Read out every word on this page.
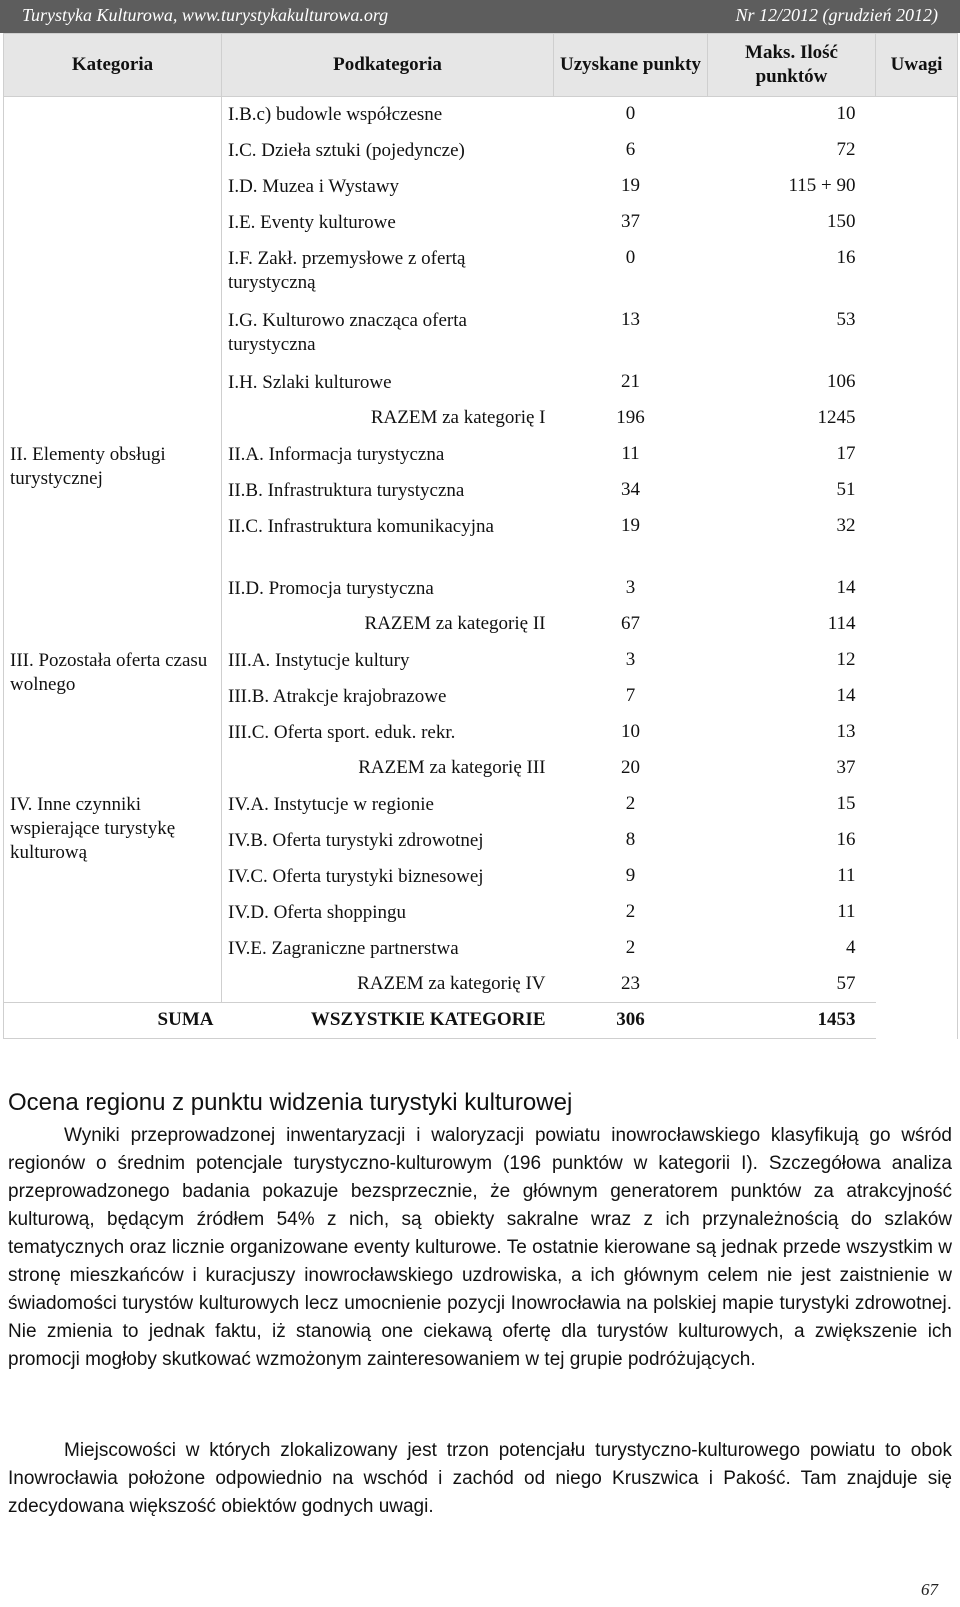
Turystyka Kulturowa, www.turystykakulturowa.org	Nr 12/2012 (grudzień 2012)
Kategoria	Podkategoria	Uzyskane punkty	Maks. Ilość punktów	Uwagi
	I.B.c) budowle współczesne	0	10	
	I.C. Dzieła sztuki (pojedyncze)	6	72	
	I.D. Muzea i Wystawy	19	115 + 90	
	I.E. Eventy kulturowe	37	150	
	I.F. Zakł. przemysłowe z ofertą turystyczną	0	16	
	I.G. Kulturowo znacząca oferta turystyczna	13	53	
	I.H. Szlaki kulturowe	21	106	
	RAZEM za kategorię I	196	1245	
II. Elementy obsługi turystycznej	II.A. Informacja turystyczna	11	17	
	II.B. Infrastruktura turystyczna	34	51	
	II.C. Infrastruktura komunikacyjna	19	32	
	II.D. Promocja turystyczna	3	14	
	RAZEM za kategorię II	67	114	
III. Pozostała oferta czasu wolnego	III.A. Instytucje kultury	3	12	
	III.B. Atrakcje krajobrazowe	7	14	
	III.C. Oferta sport. eduk. rekr.	10	13	
	RAZEM za kategorię III	20	37	
IV. Inne czynniki wspierające turystykę kulturową	IV.A. Instytucje w regionie	2	15	
	IV.B. Oferta turystyki zdrowotnej	8	16	
	IV.C. Oferta turystyki biznesowej	9	11	
	IV.D. Oferta shoppingu	2	11	
	IV.E. Zagraniczne partnerstwa	2	4	
	RAZEM za kategorię IV	23	57	
SUMA	WSZYSTKIE KATEGORIE	306	1453	
Ocena regionu z punktu widzenia turystyki kulturowej

Wyniki przeprowadzonej inwentaryzacji i waloryzacji powiatu inowrocławskiego klasyfikują go wśród regionów o średnim potencjale turystyczno-kulturowym (196 punktów w kategorii I). Szczegółowa analiza przeprowadzonego badania pokazuje bezsprzecznie, że głównym generatorem punktów za atrakcyjność kulturową, będącym źródłem 54% z nich, są obiekty sakralne wraz z ich przynależnością do szlaków tematycznych oraz licznie organizowane eventy kulturowe. Te ostatnie kierowane są jednak przede wszystkim w stronę mieszkańców i kuracjuszy inowrocławskiego uzdrowiska, a ich głównym celem nie jest zaistnienie w świadomości turystów kulturowych lecz umocnienie pozycji Inowrocławia na polskiej mapie turystyki zdrowotnej. Nie zmienia to jednak faktu, iż stanowią one ciekawą ofertę dla turystów kulturowych, a zwiększenie ich promocji mogłoby skutkować wzmożonym zainteresowaniem w tej grupie podróżujących.

Miejscowości w których zlokalizowany jest trzon potencjału turystyczno-kulturowego powiatu to obok Inowrocławia położone odpowiednio na wschód i zachód od niego Kruszwica i Pakość. Tam znajduje się zdecydowana większość obiektów godnych uwagi.

67
